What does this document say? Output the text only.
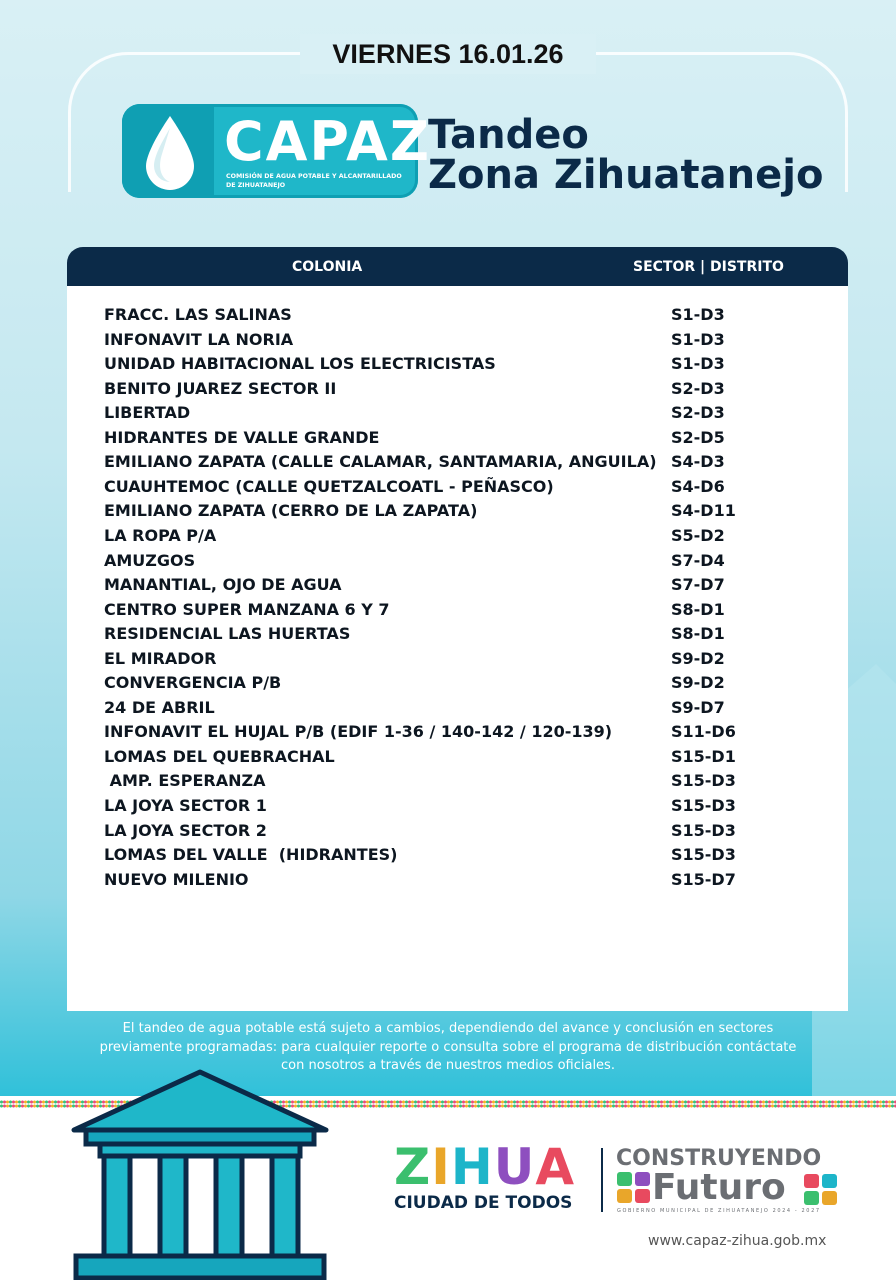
VIERNES 16.01.26
CAPAZ
COMISIÓN DE AGUA POTABLE Y ALCANTARILLADO DE ZIHUATANEJO
Tandeo
Zona Zihuatanejo
COLONIA	SECTOR | DISTRITO
FRACC. LAS SALINAS	S1-D3
INFONAVIT LA NORIA	S1-D3
UNIDAD HABITACIONAL LOS ELECTRICISTAS	S1-D3
BENITO JUAREZ SECTOR II	S2-D3
LIBERTAD	S2-D3
HIDRANTES DE VALLE GRANDE	S2-D5
EMILIANO ZAPATA (CALLE CALAMAR, SANTAMARIA, ANGUILA) S4-D3
CUAUHTEMOC (CALLE QUETZALCOATL - PEÑASCO)	S4-D6
EMILIANO ZAPATA (CERRO DE LA ZAPATA)	S4-D11
LA ROPA P/A	S5-D2
AMUZGOS	S7-D4
MANANTIAL, OJO DE AGUA	S7-D7
CENTRO SUPER MANZANA 6 Y 7	S8-D1
RESIDENCIAL LAS HUERTAS	S8-D1
EL MIRADOR	S9-D2
CONVERGENCIA P/B	S9-D2
24 DE ABRIL	S9-D7
INFONAVIT EL HUJAL P/B (EDIF 1-36 / 140-142 / 120-139)	S11-D6
LOMAS DEL QUEBRACHAL	S15-D1
AMP. ESPERANZA	S15-D3
LA JOYA SECTOR 1	S15-D3
LA JOYA SECTOR 2	S15-D3
LOMAS DEL VALLE  (HIDRANTES)	S15-D3
NUEVO MILENIO	S15-D7
El tandeo de agua potable está sujeto a cambios, dependiendo del avance y conclusión en sectores previamente programadas: para cualquier reporte o consulta sobre el programa de distribución contáctate con nosotros a través de nuestros medios oficiales.
ZIHUA
CIUDAD DE TODOS
CONSTRUYENDO
Futuro
GOBIERNO MUNICIPAL DE ZIHUATANEJO 2024 - 2027
www.capaz-zihua.gob.mx
